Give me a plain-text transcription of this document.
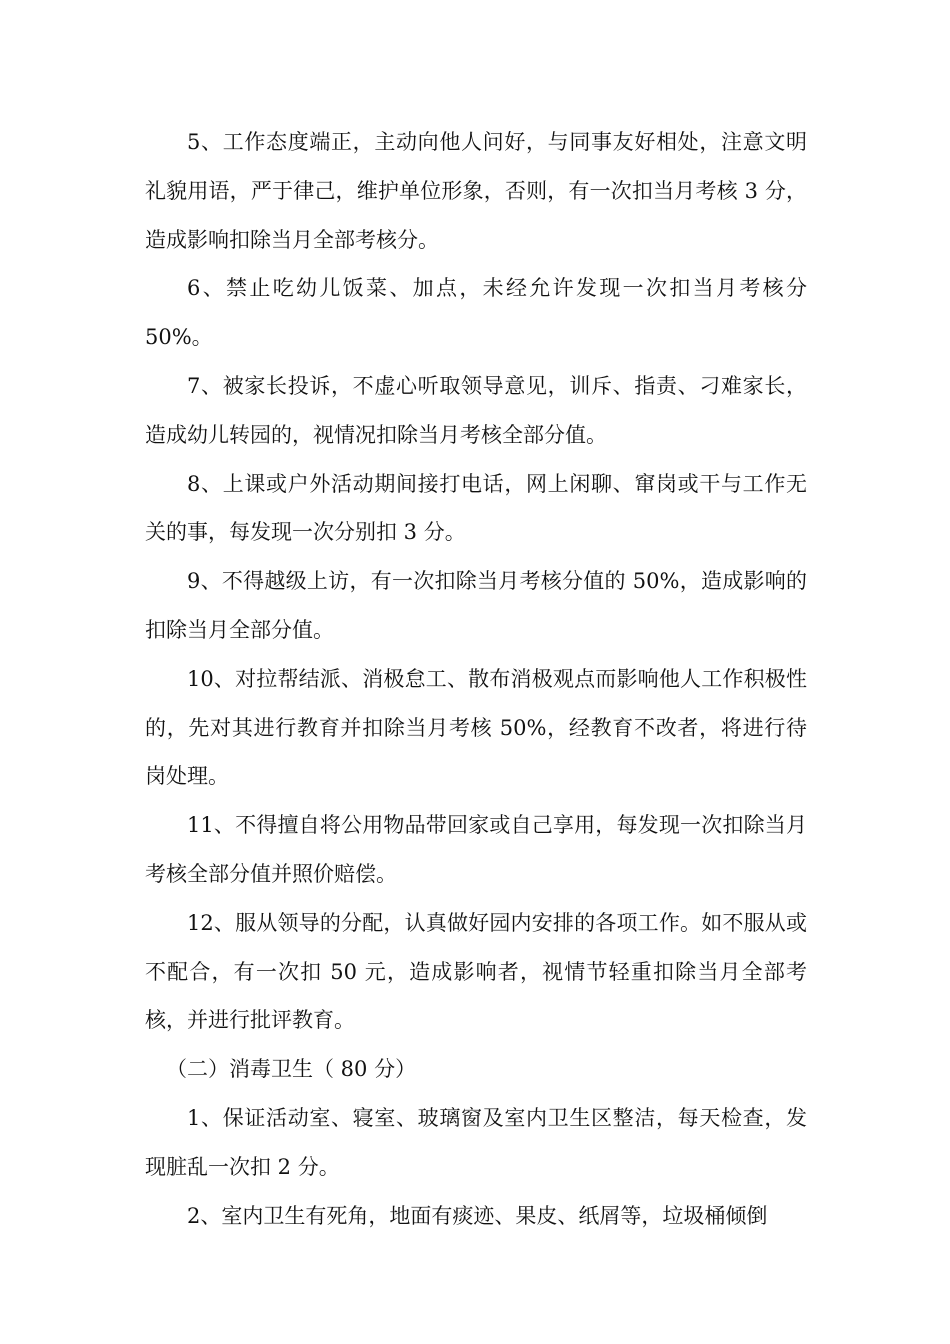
5、工作态度端正，主动向他人问好，与同事友好相处，注意文明礼貌用语，严于律己，维护单位形象，否则，有一次扣当月考核 3 分，造成影响扣除当月全部考核分。

6、禁止吃幼儿饭菜、加点，未经允许发现一次扣当月考核分 50%。

7、被家长投诉，不虚心听取领导意见，训斥、指责、刁难家长，造成幼儿转园的，视情况扣除当月考核全部分值。

8、上课或户外活动期间接打电话，网上闲聊、窜岗或干与工作无关的事，每发现一次分别扣 3 分。

9、不得越级上访，有一次扣除当月考核分值的 50%，造成影响的扣除当月全部分值。

10、对拉帮结派、消极怠工、散布消极观点而影响他人工作积极性的，先对其进行教育并扣除当月考核 50%，经教育不改者，将进行待岗处理。

11、不得擅自将公用物品带回家或自己享用，每发现一次扣除当月考核全部分值并照价赔偿。

12、服从领导的分配，认真做好园内安排的各项工作。如不服从或不配合，有一次扣 50 元，造成影响者，视情节轻重扣除当月全部考核，并进行批评教育。

（二）消毒卫生（ 80 分）

1、保证活动室、寝室、玻璃窗及室内卫生区整洁，每天检查，发现脏乱一次扣 2 分。

2、室内卫生有死角，地面有痰迹、果皮、纸屑等，垃圾桶倾倒
